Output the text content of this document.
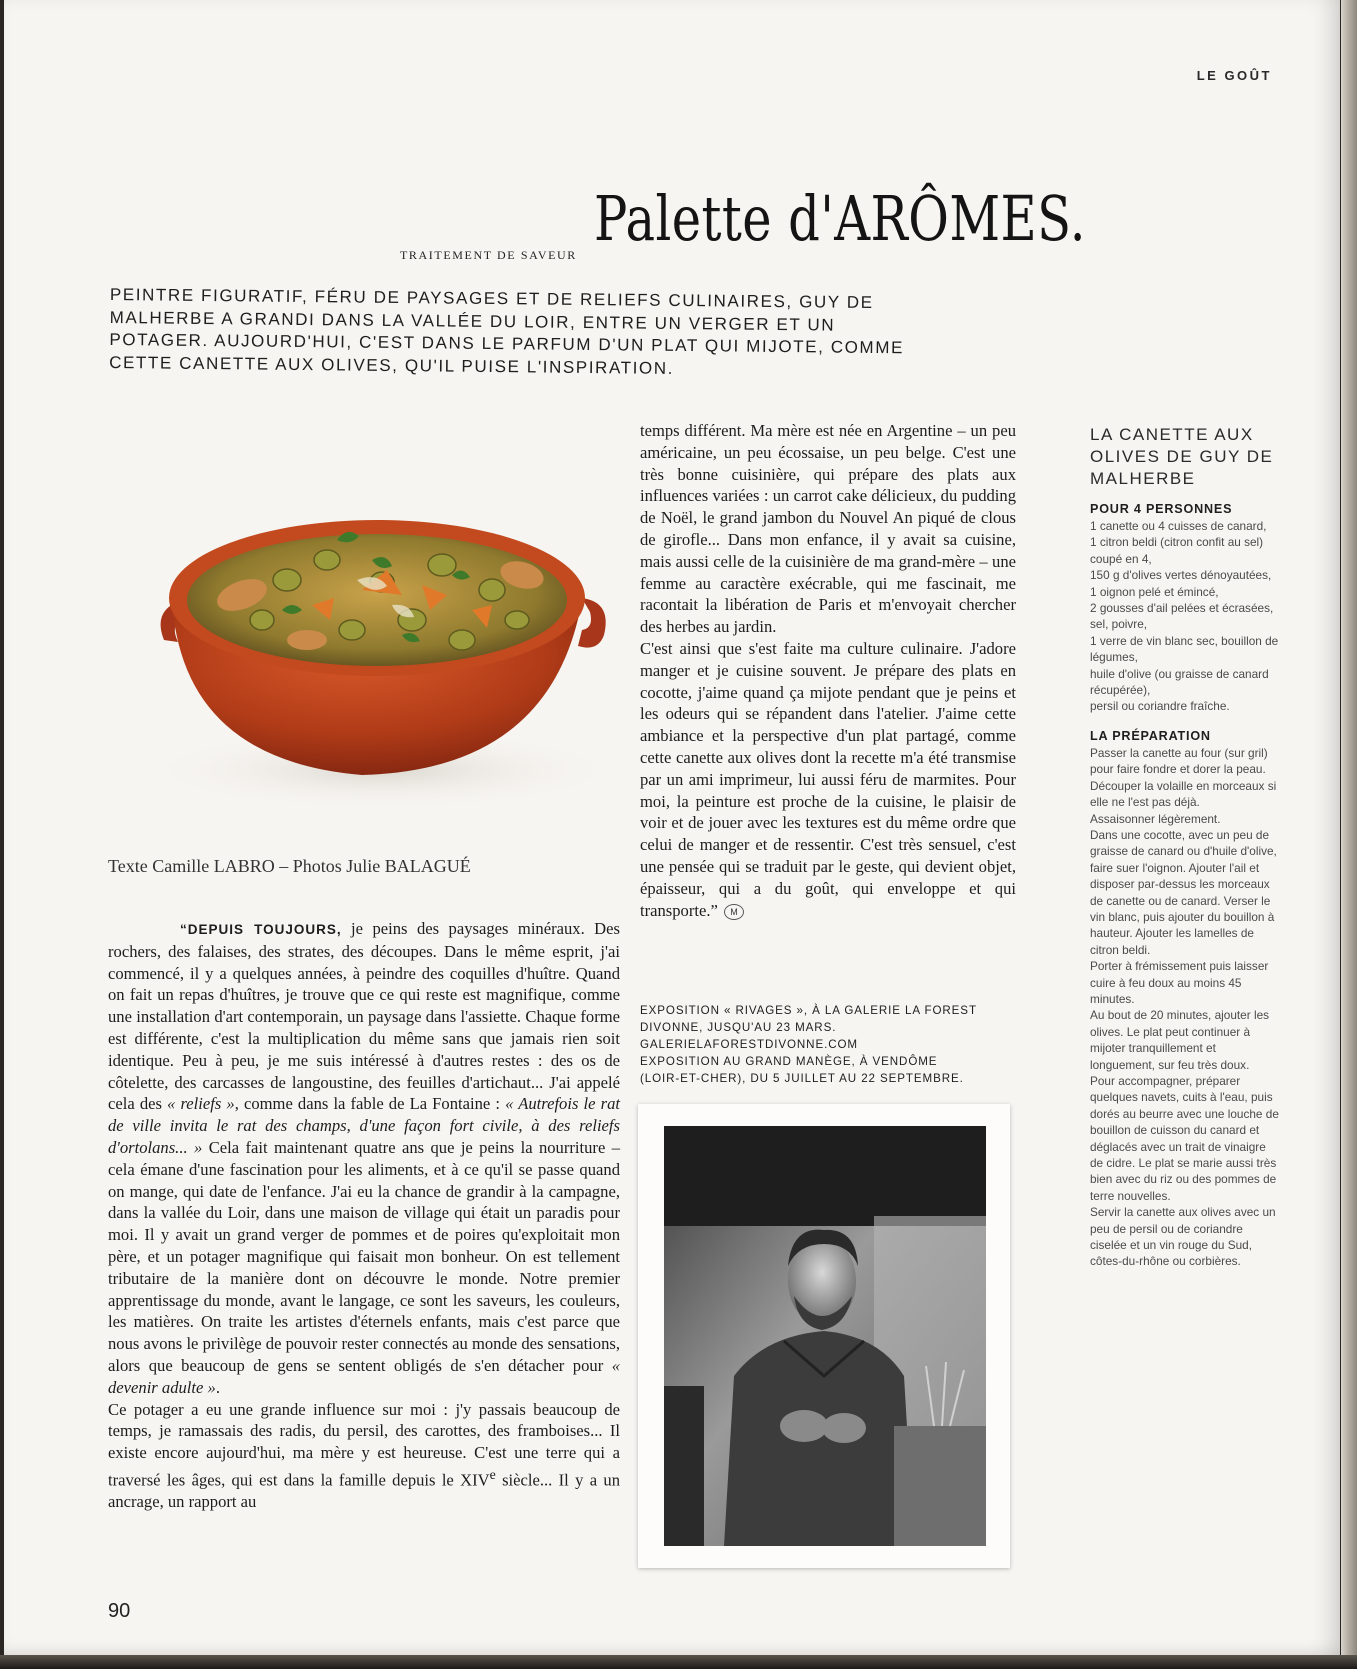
LE GOÛT
TRAITEMENT DE SAVEUR Palette d'ARÔMES.
PEINTRE FIGURATIF, FÉRU DE PAYSAGES ET DE RELIEFS CULINAIRES, GUY DE MALHERBE A GRANDI DANS LA VALLÉE DU LOIR, ENTRE UN VERGER ET UN POTAGER. AUJOURD'HUI, C'EST DANS LE PARFUM D'UN PLAT QUI MIJOTE, COMME CETTE CANETTE AUX OLIVES, QU'IL PUISE L'INSPIRATION.
Texte Camille LABRO – Photos Julie BALAGUÉ

“DEPUIS TOUJOURS, je peins des paysages minéraux. Des rochers, des falaises, des strates, des découpes. Dans le même esprit, j'ai commencé, il y a quelques années, à peindre des coquilles d'huître. Quand on fait un repas d'huîtres, je trouve que ce qui reste est magnifique, comme une installation d'art contemporain, un paysage dans l'assiette. Chaque forme est différente, c'est la multiplication du même sans que jamais rien soit identique. Peu à peu, je me suis intéressé à d'autres restes : des os de côtelette, des carcasses de langoustine, des feuilles d'artichaut... J'ai appelé cela des « reliefs », comme dans la fable de La Fontaine : « Autrefois le rat de ville invita le rat des champs, d'une façon fort civile, à des reliefs d'ortolans... » Cela fait maintenant quatre ans que je peins la nourriture – cela émane d'une fascination pour les aliments, et à ce qu'il se passe quand on mange, qui date de l'enfance. J'ai eu la chance de grandir à la campagne, dans la vallée du Loir, dans une maison de village qui était un paradis pour moi. Il y avait un grand verger de pommes et de poires qu'exploitait mon père, et un potager magnifique qui faisait mon bonheur. On est tellement tributaire de la manière dont on découvre le monde. Notre premier apprentissage du monde, avant le langage, ce sont les saveurs, les couleurs, les matières. On traite les artistes d'éternels enfants, mais c'est parce que nous avons le privilège de pouvoir rester connectés au monde des sensations, alors que beaucoup de gens se sentent obligés de s'en détacher pour « devenir adulte ».

Ce potager a eu une grande influence sur moi : j'y passais beaucoup de temps, je ramassais des radis, du persil, des carottes, des framboises... Il existe encore aujourd'hui, ma mère y est heureuse. C'est une terre qui a traversé les âges, qui est dans la famille depuis le XIVe siècle... Il y a un ancrage, un rapport au

temps différent. Ma mère est née en Argentine – un peu américaine, un peu écossaise, un peu belge. C'est une très bonne cuisinière, qui prépare des plats aux influences variées : un carrot cake délicieux, du pudding de Noël, le grand jambon du Nouvel An piqué de clous de girofle... Dans mon enfance, il y avait sa cuisine, mais aussi celle de la cuisinière de ma grand-mère – une femme au caractère exécrable, qui me fascinait, me racontait la libération de Paris et m'envoyait chercher des herbes au jardin.

C'est ainsi que s'est faite ma culture culinaire. J'adore manger et je cuisine souvent. Je prépare des plats en cocotte, j'aime quand ça mijote pendant que je peins et les odeurs qui se répandent dans l'atelier. J'aime cette ambiance et la perspective d'un plat partagé, comme cette canette aux olives dont la recette m'a été transmise par un ami imprimeur, lui aussi féru de marmites. Pour moi, la peinture est proche de la cuisine, le plaisir de voir et de jouer avec les textures est du même ordre que celui de manger et de ressentir. C'est très sensuel, c'est une pensée qui se traduit par le geste, qui devient objet, épaisseur, qui a du goût, qui enveloppe et qui transporte.” M

EXPOSITION « RIVAGES », À LA GALERIE LA FOREST DIVONNE, JUSQU'AU 23 MARS.
GALERIELAFORESTDIVONNE.COM
EXPOSITION AU GRAND MANÈGE, À VENDÔME (LOIR-ET-CHER), DU 5 JUILLET AU 22 SEPTEMBRE.
LA CANETTE AUX OLIVES DE GUY DE MALHERBE
POUR 4 PERSONNES
1 canette ou 4 cuisses de canard,
1 citron beldi (citron confit au sel) coupé en 4,
150 g d'olives vertes dénoyautées,
1 oignon pelé et émincé,
2 gousses d'ail pelées et écrasées,
sel, poivre,
1 verre de vin blanc sec, bouillon de légumes,
huile d'olive (ou graisse de canard récupérée),
persil ou coriandre fraîche.
LA PRÉPARATION
Passer la canette au four (sur gril) pour faire fondre et dorer la peau.
Découper la volaille en morceaux si elle ne l'est pas déjà.
Assaisonner légèrement.
Dans une cocotte, avec un peu de graisse de canard ou d'huile d'olive, faire suer l'oignon. Ajouter l'ail et disposer par-dessus les morceaux de canette ou de canard. Verser le vin blanc, puis ajouter du bouillon à hauteur. Ajouter les lamelles de citron beldi.
Porter à frémissement puis laisser cuire à feu doux au moins 45 minutes.
Au bout de 20 minutes, ajouter les olives. Le plat peut continuer à mijoter tranquillement et longuement, sur feu très doux.
Pour accompagner, préparer quelques navets, cuits à l'eau, puis dorés au beurre avec une louche de bouillon de cuisson du canard et déglacés avec un trait de vinaigre de cidre. Le plat se marie aussi très bien avec du riz ou des pommes de terre nouvelles.
Servir la canette aux olives avec un peu de persil ou de coriandre ciselée et un vin rouge du Sud, côtes-du-rhône ou corbières.
90
